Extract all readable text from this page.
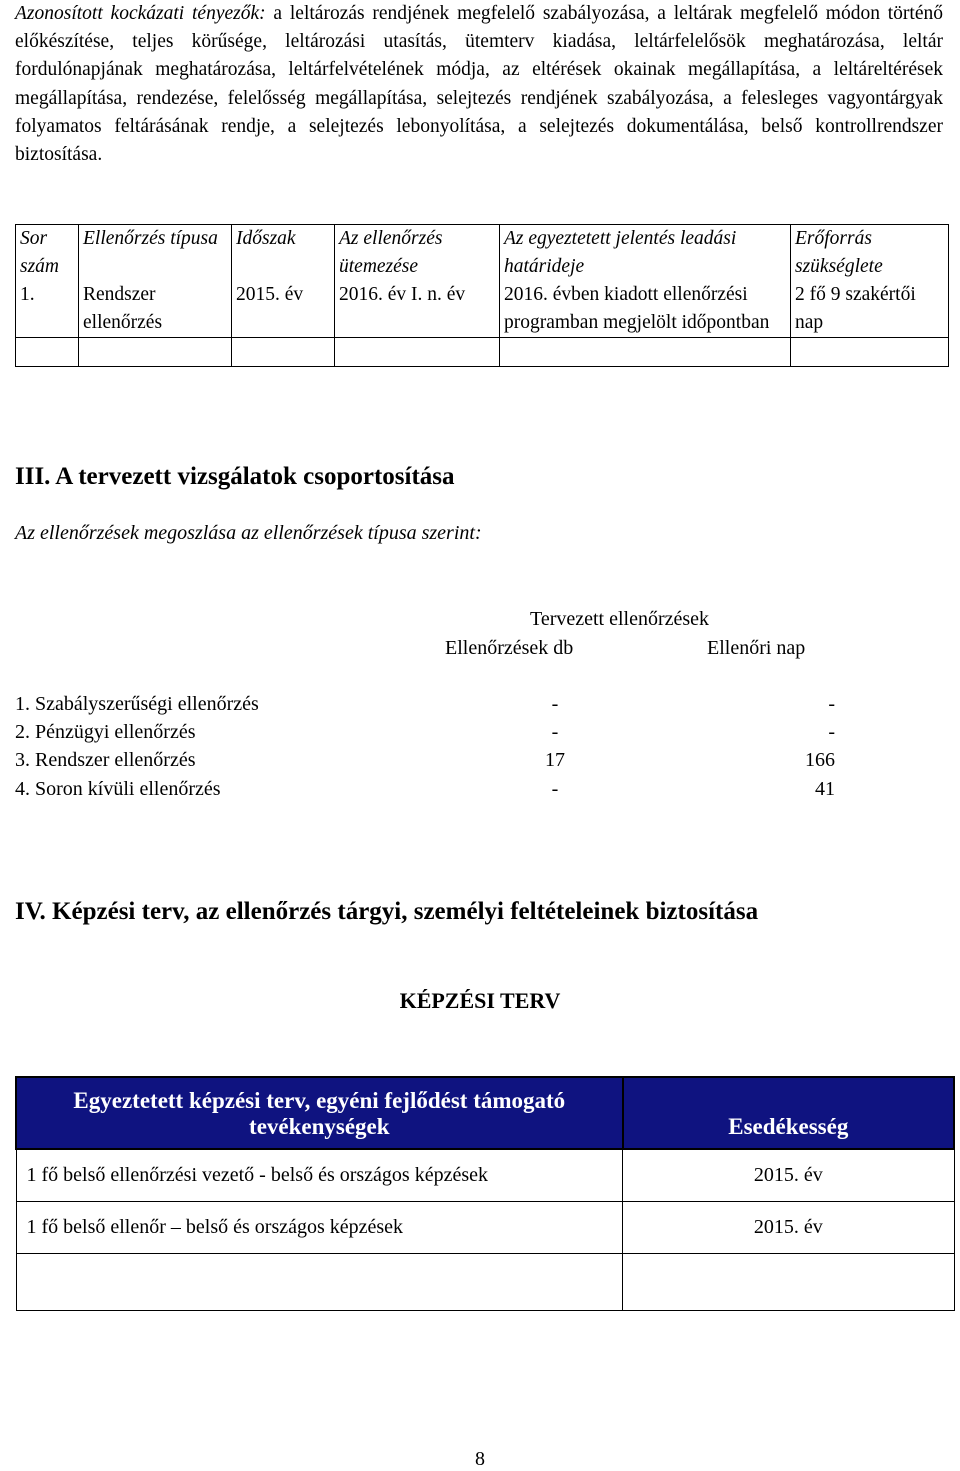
Azonosított kockázati tényezők: a leltározás rendjének megfelelő szabályozása, a leltárak megfelelő módon történő előkészítése, teljes körűsége, leltározási utasítás, ütemterv kiadása, leltárfelelősök meghatározása, leltár fordulónapjának meghatározása, leltárfelvételének módja, az eltérések okainak megállapítása, a leltáreltérések megállapítása, rendezése, felelősség megállapítása, selejtezés rendjének szabályozása, a felesleges vagyontárgyak folyamatos feltárásának rendje, a selejtezés lebonyolítása, a selejtezés dokumentálása, belső kontrollrendszer biztosítása.
Sor szám	Ellenőrzés típusa	Időszak	Az ellenőrzés ütemezése	Az egyeztetett jelentés leadási határideje	Erőforrás szükséglete
1.	Rendszer ellenőrzés	2015. év	2016. év I. n. év	2016. évben kiadott ellenőrzési programban megjelölt időpontban	2 fő 9 szakértői nap

III. A tervezett vizsgálatok csoportosítása
Az ellenőrzések megoszlása az ellenőrzések típusa szerint:
Tervezett ellenőrzések
Ellenőrzések db	Ellenőri nap
1. Szabályszerűségi ellenőrzés	-	-
2. Pénzügyi ellenőrzés	-	-
3. Rendszer ellenőrzés	17	166
4. Soron kívüli ellenőrzés	-	41
IV. Képzési terv, az ellenőrzés tárgyi, személyi feltételeinek biztosítása
KÉPZÉSI TERV
Egyeztetett képzési terv, egyéni fejlődést támogató tevékenységek	Esedékesség
1 fő belső ellenőrzési vezető - belső és országos képzések	2015. év
1 fő belső ellenőr – belső és országos képzések	2015. év

8
